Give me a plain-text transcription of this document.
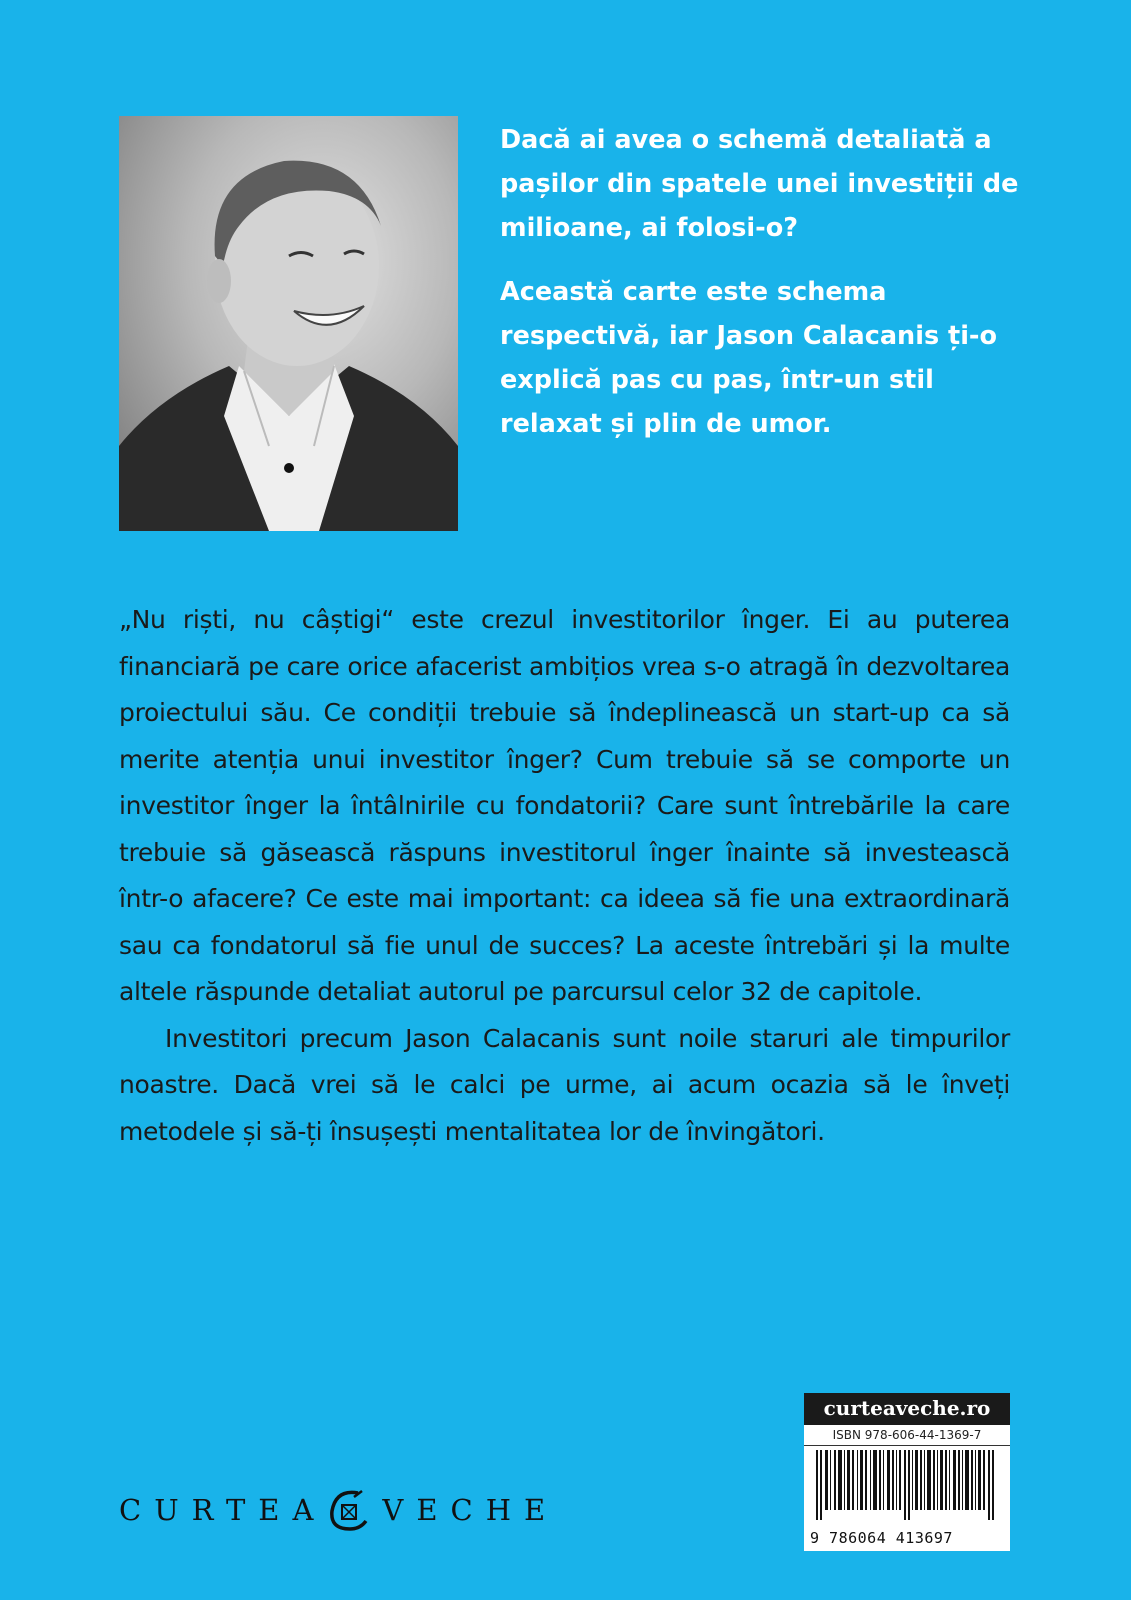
Dacă ai avea o schemă detaliată a pașilor din spatele unei investiții de milioane, ai folosi-o?

Această carte este schema respectivă, iar Jason Calacanis ți-o explică pas cu pas, într-un stil relaxat și plin de umor.

„Nu riști, nu câștigi“ este crezul investitorilor înger. Ei au puterea financiară pe care orice afacerist ambițios vrea s-o atragă în dezvoltarea proiectului său. Ce condiții trebuie să îndeplinească un start-up ca să merite atenția unui investitor înger? Cum trebuie să se comporte un investitor înger la întâlnirile cu fondatorii? Care sunt întrebările la care trebuie să găsească răspuns investitorul înger înainte să investească într-o afacere? Ce este mai important: ca ideea să fie una extraordinară sau ca fondatorul să fie unul de succes? La aceste întrebări și la multe altele răspunde detaliat autorul pe parcursul celor 32 de capitole.

Investitori precum Jason Calacanis sunt noile staruri ale timpurilor noastre. Dacă vrei să le calci pe urme, ai acum ocazia să le înveți metodele și să-ți însușești mentalitatea lor de învingători.

CURTEA VECHE
curteaveche.ro
ISBN 978-606-44-1369-7
9 786064 413697
